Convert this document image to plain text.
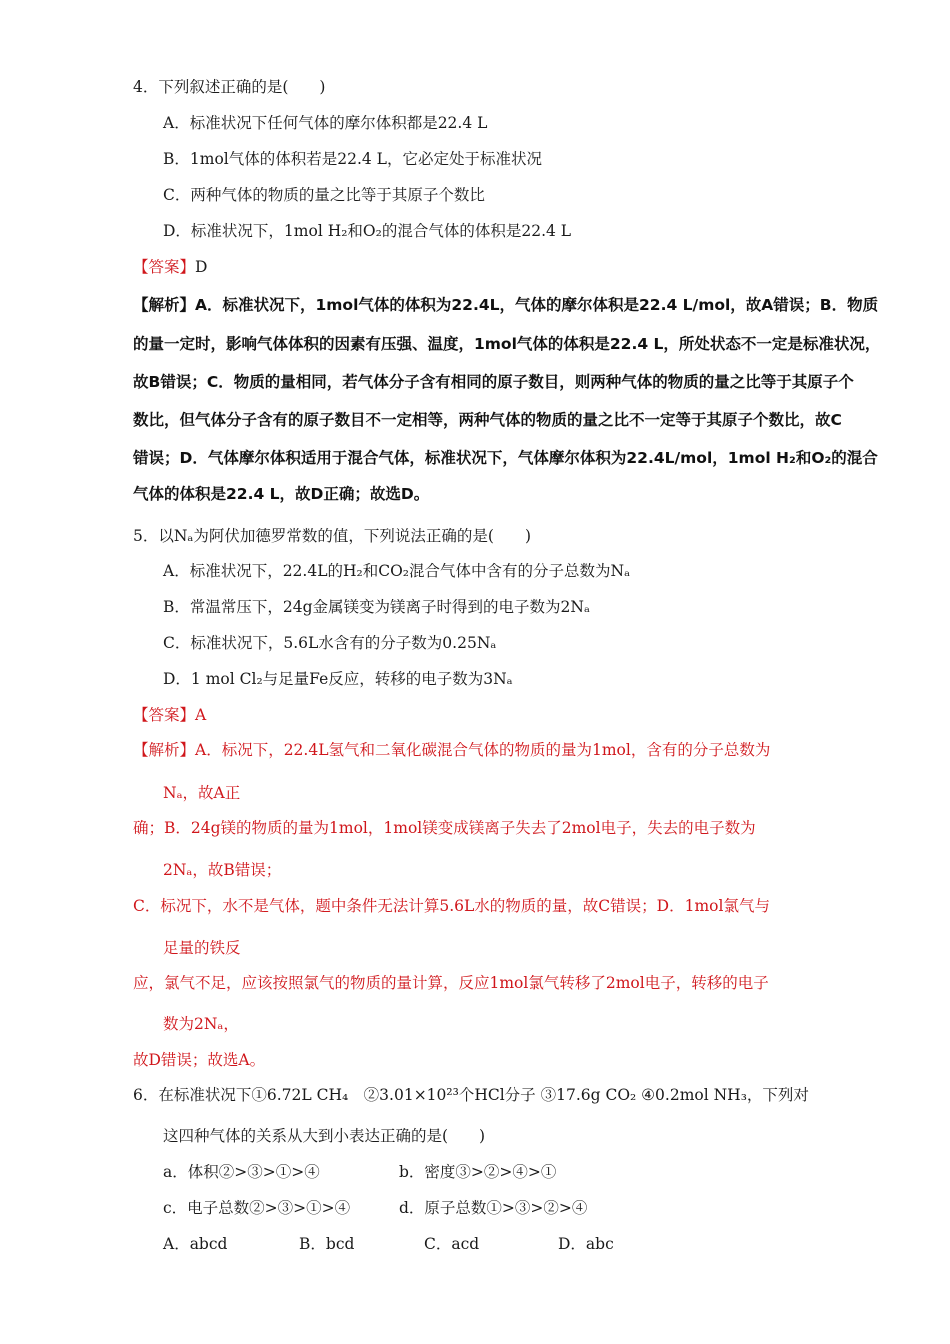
4．下列叙述正确的是(　　)
A．标准状况下任何气体的摩尔体积都是22.4 L
B．1mol气体的体积若是22.4 L，它必定处于标准状况
C．两种气体的物质的量之比等于其原子个数比
D．标准状况下，1mol H₂和O₂的混合气体的体积是22.4 L
【答案】D
【解析】A．标准状况下，1mol气体的体积为22.4L，气体的摩尔体积是22.4 L/mol，故A错误；B．物质
的量一定时，影响气体体积的因素有压强、温度，1mol气体的体积是22.4 L，所处状态不一定是标准状况，
故B错误；C．物质的量相同，若气体分子含有相同的原子数目，则两种气体的物质的量之比等于其原子个
数比，但气体分子含有的原子数目不一定相等，两种气体的物质的量之比不一定等于其原子个数比，故C
错误；D．气体摩尔体积适用于混合气体，标准状况下，气体摩尔体积为22.4L/mol，1mol H₂和O₂的混合
气体的体积是22.4 L，故D正确；故选D。
5．以Nₐ为阿伏加德罗常数的值，下列说法正确的是(　　)
A．标准状况下，22.4L的H₂和CO₂混合气体中含有的分子总数为Nₐ
B．常温常压下，24g金属镁变为镁离子时得到的电子数为2Nₐ
C．标准状况下，5.6L水含有的分子数为0.25Nₐ
D．1 mol Cl₂与足量Fe反应，转移的电子数为3Nₐ
【答案】A
【解析】A．标况下，22.4L氢气和二氧化碳混合气体的物质的量为1mol，含有的分子总数为
Nₐ，故A正
确；B．24g镁的物质的量为1mol，1mol镁变成镁离子失去了2mol电子，失去的电子数为
2Nₐ，故B错误；
C．标况下，水不是气体，题中条件无法计算5.6L水的物质的量，故C错误；D．1mol氯气与
足量的铁反
应，氯气不足，应该按照氯气的物质的量计算，反应1mol氯气转移了2mol电子，转移的电子
数为2Nₐ，
故D错误；故选A。
6．在标准状况下①6.72L CH₄　②3.01×10²³个HCl分子 ③17.6g CO₂ ④0.2mol NH₃，下列对
这四种气体的关系从大到小表达正确的是(　　)
a．体积②>③>①>④	b．密度③>②>④>①
c．电子总数②>③>①>④	d．原子总数①>③>②>④
A．abcd	B．bcd	C．acd	D．abc
